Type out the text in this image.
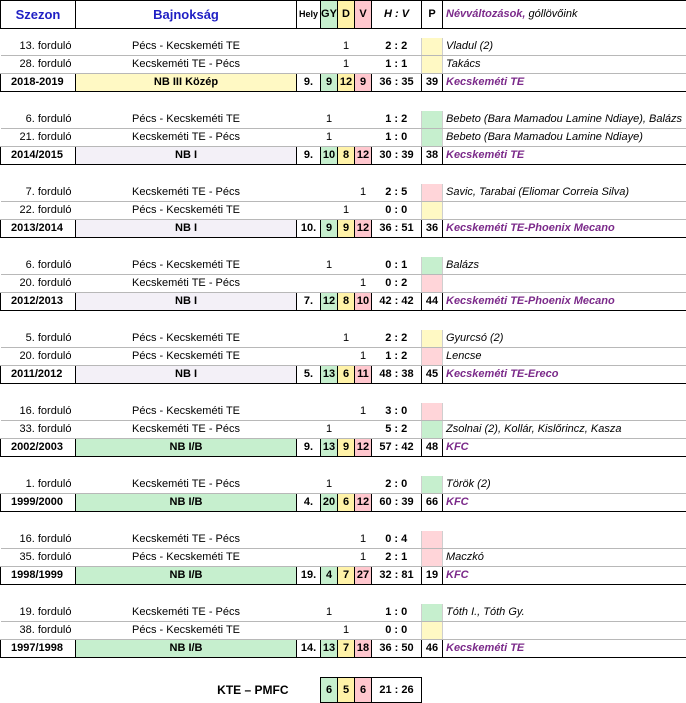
Szezon	Bajnokság	Hely	GY	D	V	H : V	P	Névváltozások, góllövőink

13. forduló	Pécs - Kecskeméti TE			1		2 : 2		Vladul (2)
28. forduló	Kecskeméti TE - Pécs			1		1 : 1		Takács
2018-2019	NB III Közép	9.	9	12	9	36 : 35	39	Kecskeméti TE

6. forduló	Pécs - Kecskeméti TE		1			1 : 2		Bebeto (Bara Mamadou Lamine Ndiaye), Balázs
21. forduló	Kecskeméti TE - Pécs		1			1 : 0		Bebeto (Bara Mamadou Lamine Ndiaye)
2014/2015	NB I	9.	10	8	12	30 : 39	38	Kecskeméti TE

7. forduló	Kecskeméti TE - Pécs				1	2 : 5		Savic, Tarabai (Eliomar Correia Silva)
22. forduló	Pécs - Kecskeméti TE			1		0 : 0		
2013/2014	NB I	10.	9	9	12	36 : 51	36	Kecskeméti TE-Phoenix Mecano

6. forduló	Pécs - Kecskeméti TE		1			0 : 1		Balázs
20. forduló	Kecskeméti TE - Pécs				1	0 : 2		
2012/2013	NB I	7.	12	8	10	42 : 42	44	Kecskeméti TE-Phoenix Mecano

5. forduló	Pécs - Kecskeméti TE			1		2 : 2		Gyurcsó (2)
20. forduló	Pécs - Kecskeméti TE				1	1 : 2		Lencse
2011/2012	NB I	5.	13	6	11	48 : 38	45	Kecskeméti TE-Ereco

16. forduló	Pécs - Kecskeméti TE				1	3 : 0		
33. forduló	Kecskeméti TE - Pécs		1			5 : 2		Zsolnai (2), Kollár, Kislőrincz, Kasza
2002/2003	NB I/B	9.	13	9	12	57 : 42	48	KFC

1. forduló	Kecskeméti TE - Pécs		1			2 : 0		Török (2)
1999/2000	NB I/B	4.	20	6	12	60 : 39	66	KFC

16. forduló	Kecskeméti TE - Pécs				1	0 : 4		
35. forduló	Pécs - Kecskeméti TE				1	2 : 1		Maczkó
1998/1999	NB I/B	19.	4	7	27	32 : 81	19	KFC

19. forduló	Kecskeméti TE - Pécs		1			1 : 0		Tóth I., Tóth Gy.
38. forduló	Pécs - Kecskeméti TE			1		0 : 0		
1997/1998	NB I/B	14.	13	7	18	36 : 50	46	Kecskeméti TE

KTE – PMFC			6	5	6	21 : 26		
